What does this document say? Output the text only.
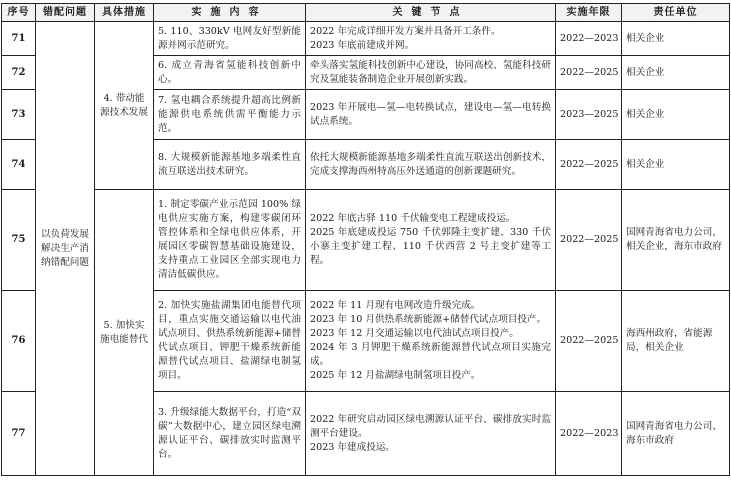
序号	错配问题	具体措施	实施内容	关键节点	实施年限	责任单位
71	以负荷发展解决生产消纳错配问题	4. 带动能源技术发展	5. 110、330kV 电网友好型新能源并网示范研究。	2022 年完成详细开发方案并具备开工条件。
2023 年底前建成并网。	2022—2023	相关企业
72			6. 成立青海省氢能科技创新中心。	牵头落实氢能科技创新中心建设，协同高校、氢能科技研究及氢能装备制造企业开展创新实践。	2022—2025	相关企业
73			7. 氢电耦合系统提升超高比例新能源供电系统供需平衡能力示范。	2023 年开展电—氢—电转换试点，建设电—氢—电转换试点系统。	2023—2025	相关企业
74			8. 大规模新能源基地多端柔性直流互联送出技术研究。	依托大规模新能源基地多端柔性直流互联送出创新技术，完成支撑海西州特高压外送通道的创新课题研究。	2022—2025	相关企业
75		5. 加快实施电能替代	1. 制定零碳产业示范园 100% 绿电供应实施方案，构建零碳闭环管控体系和全绿电供应体系，开展园区零碳智慧基础设施建设，支持重点工业园区全部实现电力清洁低碳供应。	2022 年底古驿 110 千伏输变电工程建成投运。
2025 年底建成投运 750 千伏郭隆主变扩建、330 千伏小寨主变扩建工程、110 千伏西营 2 号主变扩建等工程。	2022—2025	国网青海省电力公司，相关企业，海东市政府
76			2. 加快实施盐湖集团电能替代项目，重点实施交通运输以电代油试点项目、供热系统新能源+储替代试点项目、钾肥干燥系统新能源替代试点项目、盐湖绿电制氢项目。	2022 年 11 月现有电网改造升级完成。
2023 年 10 月供热系统新能源+储替代试点项目投产。
2023 年 12 月交通运输以电代油试点项目投产。
2024 年 3 月钾肥干燥系统新能源替代试点项目实施完成。
2025 年 12 月盐湖绿电制氢项目投产。	2022—2025	海西州政府，省能源局，相关企业
77			3. 升级绿能大数据平台，打造“双碳”大数据中心，建立园区绿电溯源认证平台、碳排放实时监测平台。	2022 年研究启动园区绿电溯源认证平台、碳排放实时监测平台建设。
2023 年建成投运。	2022—2023	国网青海省电力公司、海东市政府
